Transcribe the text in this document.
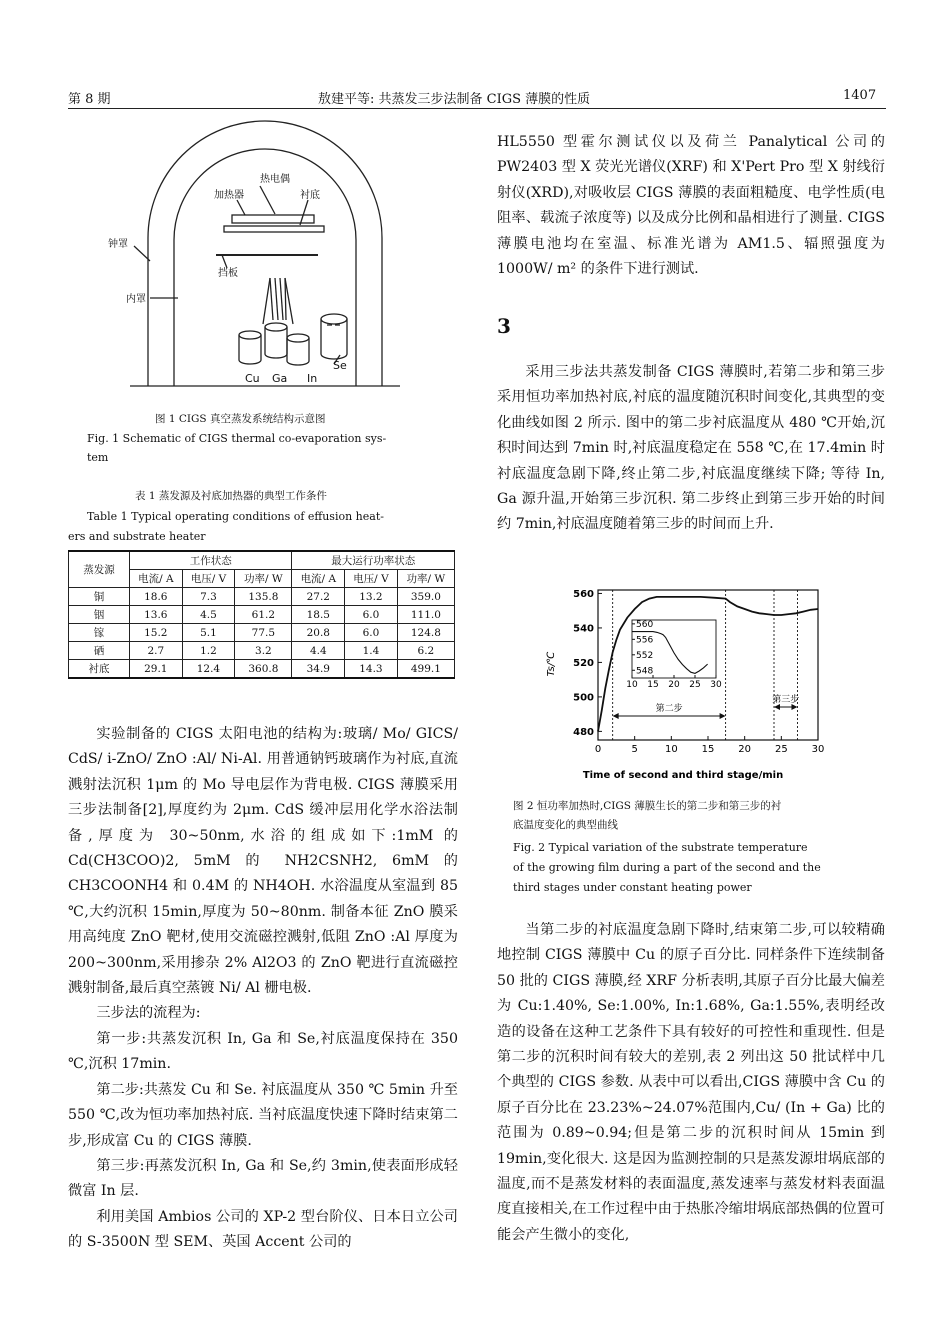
第 8 期	敖建平等: 共蒸发三步法制备 CIGS 薄膜的性质	1407
热电偶
加热器	衬底
钟罩
挡板
内罩
Cu Ga In
Se
图 1 CIGS 真空蒸发系统结构示意图
Fig. 1 Schematic of CIGS thermal co-evaporation sys-
tem
表 1 蒸发源及衬底加热器的典型工作条件
Table 1 Typical operating conditions of effusion heat-
ers and substrate heater
蒸发源	工作状态			最大运行功率状态		
	电流/ A	电压/ V	功率/ W	电流/ A	电压/ V	功率/ W
铜	18.6	7.3	135.8	27.2	13.2	359.0
铟	13.6	4.5	61.2	18.5	6.0	111.0
镓	15.2	5.1	77.5	20.8	6.0	124.8
硒	2.7	1.2	3.2	4.4	1.4	6.2
衬底	29.1	12.4	360.8	34.9	14.3	499.1

实验制备的 CIGS 太阳电池的结构为:玻璃/ Mo/ GICS/ CdS/ i-ZnO/ ZnO :Al/ Ni-Al. 用普通钠钙玻璃作为衬底,直流溅射法沉积 1μm 的 Mo 导电层作为背电极. CIGS 薄膜采用三步法制备[2],厚度约为 2μm. CdS 缓冲层用化学水浴法制备,厚度为 30~50nm,水浴的组成如下:1mM 的 Cd(CH3COO)2, 5mM 的 NH2CSNH2, 6mM 的 CH3COONH4 和 0.4M 的 NH4OH. 水浴温度从室温到 85 ℃,大约沉积 15min,厚度为 50~80nm. 制备本征 ZnO 膜采用高纯度 ZnO 靶材,使用交流磁控溅射,低阻 ZnO :Al 厚度为 200~300nm,采用掺杂 2% Al2O3 的 ZnO 靶进行直流磁控溅射制备,最后真空蒸镀 Ni/ Al 栅电极.

三步法的流程为:

第一步:共蒸发沉积 In, Ga 和 Se,衬底温度保持在 350 ℃,沉积 17min.

第二步:共蒸发 Cu 和 Se. 衬底温度从 350 ℃ 5min 升至 550 ℃,改为恒功率加热衬底. 当衬底温度快速下降时结束第二步,形成富 Cu 的 CIGS 薄膜.

第三步:再蒸发沉积 In, Ga 和 Se,约 3min,使表面形成轻微富 In 层.

利用美国 Ambios 公司的 XP-2 型台阶仪、日本日立公司的 S-3500N 型 SEM、英国 Accent 公司的

HL5550 型霍尔测试仪以及荷兰 Panalytical 公司的 PW2403 型 X 荧光光谱仪(XRF) 和 X'Pert Pro 型 X 射线衍射仪(XRD),对吸收层 CIGS 薄膜的表面粗糙度、电学性质(电阻率、载流子浓度等) 以及成分比例和晶相进行了测量. CIGS 薄膜电池均在室温、标准光谱为 AM1.5、辐照强度为 1000W/ m² 的条件下进行测试.

3

采用三步法共蒸发制备 CIGS 薄膜时,若第二步和第三步采用恒功率加热衬底,衬底的温度随沉积时间变化,其典型的变化曲线如图 2 所示. 图中的第二步衬底温度从 480 ℃开始,沉积时间达到 7min 时,衬底温度稳定在 558 ℃,在 17.4min 时衬底温度急剧下降,终止第二步,衬底温度继续下降; 等待 In, Ga 源升温,开始第三步沉积. 第二步终止到第三步开始的时间约 7min,衬底温度随着第三步的时间而上升.

0	5	10 15 20 25 30
480
500
520
540
560
10 15 20 25 30
548
552
556
560
第二步
第三步
Time of second and third stage/min
Ts/℃
图 2 恒功率加热时,CIGS 薄膜生长的第二步和第三步的衬
底温度变化的典型曲线
Fig. 2 Typical variation of the substrate temperature
of the growing film during a part of the second and the
third stages under constant heating power

当第二步的衬底温度急剧下降时,结束第二步,可以较精确地控制 CIGS 薄膜中 Cu 的原子百分比. 同样条件下连续制备 50 批的 CIGS 薄膜,经 XRF 分析表明,其原子百分比最大偏差为 Cu:1.40%, Se:1.00%, In:1.68%, Ga:1.55%,表明经改造的设备在这种工艺条件下具有较好的可控性和重现性. 但是第二步的沉积时间有较大的差别,表 2 列出这 50 批试样中几个典型的 CIGS 参数. 从表中可以看出,CIGS 薄膜中含 Cu 的原子百分比在 23.23%~24.07%范围内,Cu/ (In + Ga) 比的范围为 0.89~0.94;但是第二步的沉积时间从 15min 到 19min,变化很大. 这是因为监测控制的只是蒸发源坩埚底部的温度,而不是蒸发材料的表面温度,蒸发速率与蒸发材料表面温度直接相关,在工作过程中由于热胀冷缩坩埚底部热偶的位置可能会产生微小的变化,
